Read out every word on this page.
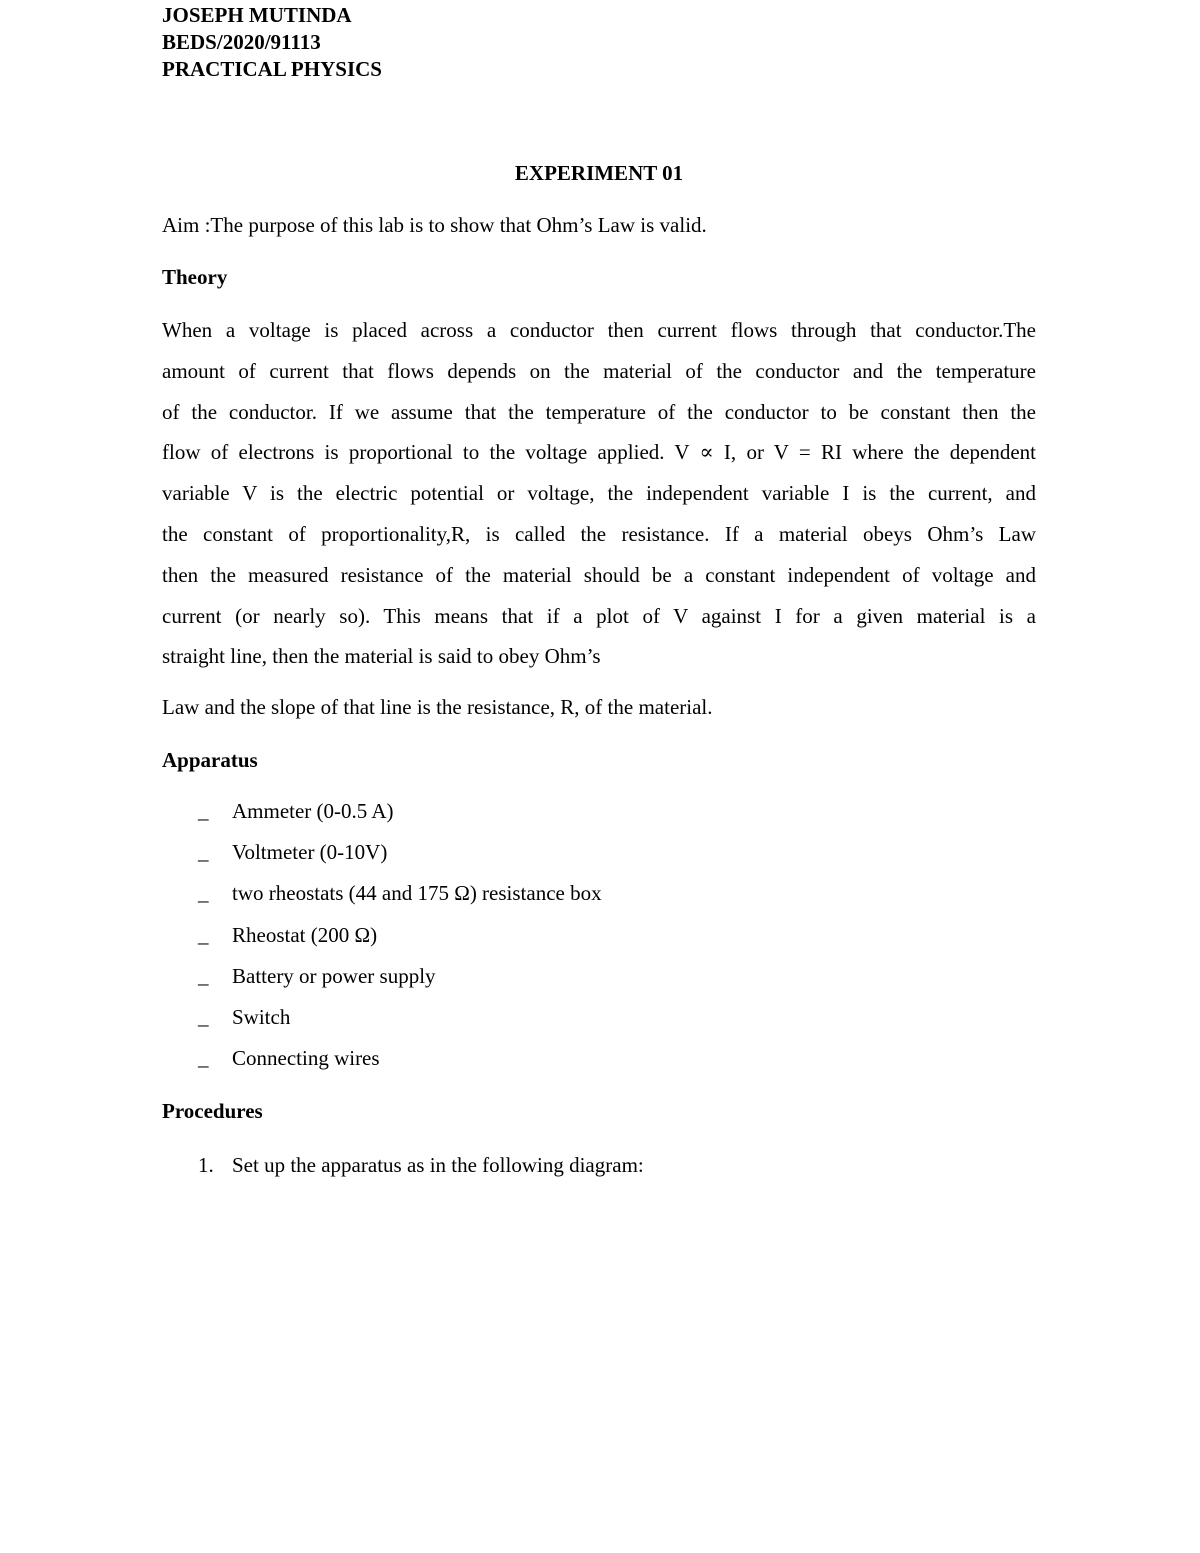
JOSEPH MUTINDA
BEDS/2020/91113
PRACTICAL PHYSICS
EXPERIMENT 01
Aim :The purpose of this lab is to show that Ohm’s Law is valid.
Theory
When a voltage is placed across a conductor then current flows through that conductor.The
amount of current that flows depends on the material of the conductor and the temperature
of the conductor. If we assume that the temperature of the conductor to be constant then the
flow of electrons is proportional to the voltage applied. V ∝ I, or V = RI where the dependent
variable V is the electric potential or voltage, the independent variable I is the current, and
the constant of proportionality,R, is called the resistance. If a material obeys Ohm’s Law
then the measured resistance of the material should be a constant independent of voltage and
current (or nearly so). This means that if a plot of V against I for a given material is a
straight line, then the material is said to obey Ohm’s
Law and the slope of that line is the resistance, R, of the material.
Apparatus
_ Ammeter (0-0.5 A)
_ Voltmeter (0-10V)
_ two rheostats (44 and 175 Ω) resistance box
_ Rheostat (200 Ω)
_ Battery or power supply
_ Switch
_ Connecting wires
Procedures
1. Set up the apparatus as in the following diagram:
